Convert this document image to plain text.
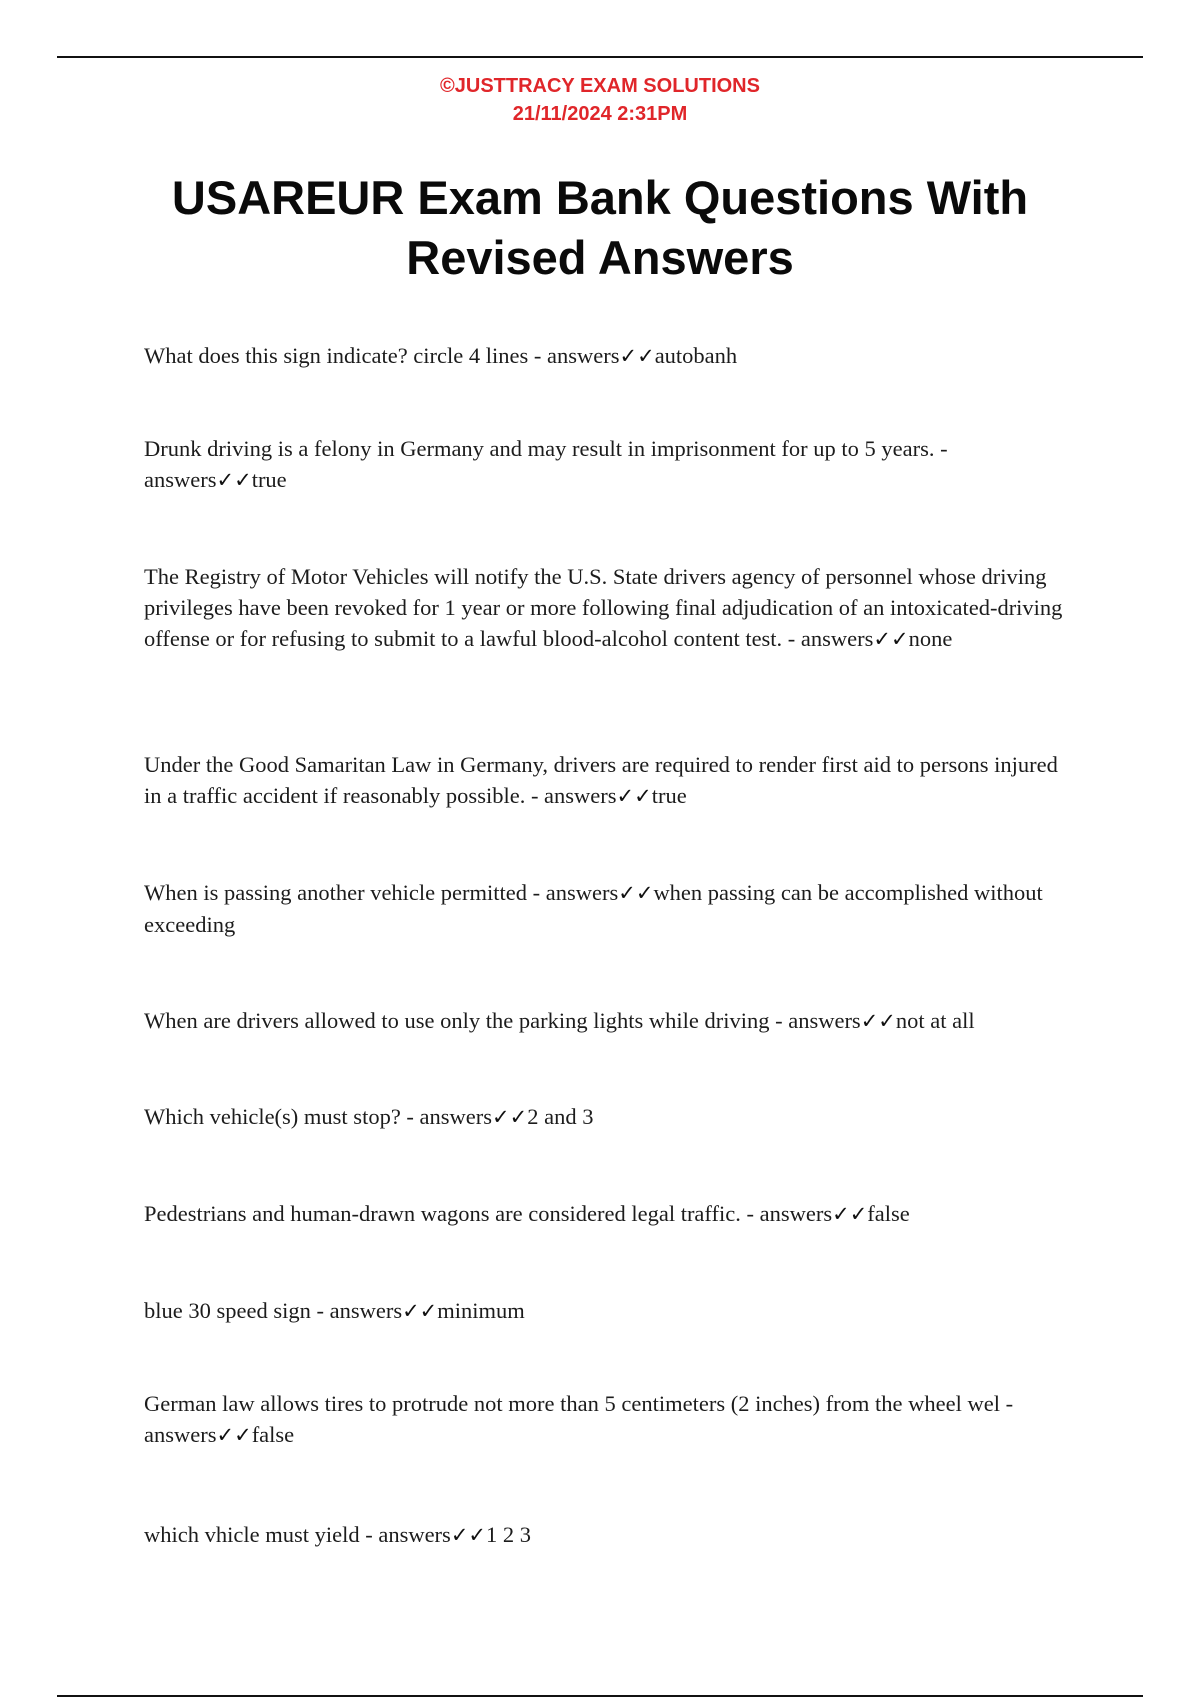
©JUSTTRACY EXAM SOLUTIONS
21/11/2024 2:31PM
USAREUR Exam Bank Questions With Revised Answers
What does this sign indicate? circle 4 lines - answers✓✓autobanh
Drunk driving is a felony in Germany and may result in imprisonment for up to 5 years. - answers✓✓true
The Registry of Motor Vehicles will notify the U.S. State drivers agency of personnel whose driving privileges have been revoked for 1 year or more following final adjudication of an intoxicated-driving offense or for refusing to submit to a lawful blood-alcohol content test. - answers✓✓none
Under the Good Samaritan Law in Germany, drivers are required to render first aid to persons injured in a traffic accident if reasonably possible. - answers✓✓true
When is passing another vehicle permitted - answers✓✓when passing can be accomplished without exceeding
When are drivers allowed to use only the parking lights while driving - answers✓✓not at all
Which vehicle(s) must stop? - answers✓✓2 and 3
Pedestrians and human-drawn wagons are considered legal traffic. - answers✓✓false
blue 30 speed sign - answers✓✓minimum
German law allows tires to protrude not more than 5 centimeters (2 inches) from the wheel wel - answers✓✓false
which vhicle must yield - answers✓✓1 2 3
